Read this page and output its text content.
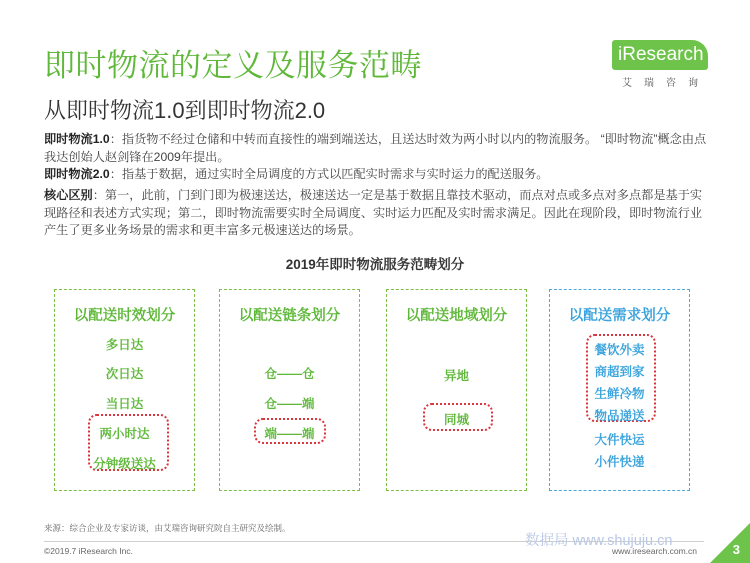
即时物流的定义及服务范畴
从即时物流1.0到即时物流2.0
iResearch
艾瑞咨询
即时物流1.0：指货物不经过仓储和中转而直接性的端到端送达，且送达时效为两小时以内的物流服务。 “即时物流”概念由点我达创始人赵剑锋在2009年提出。
即时物流2.0：指基于数据，通过实时全局调度的方式以匹配实时需求与实时运力的配送服务。
核心区别：第一，此前，门到门即为极速送达，极速送达一定是基于数据且靠技术驱动，而点对点或多点对多点都是基于实现路径和表述方式实现；第二，即时物流需要实时全局调度、实时运力匹配及实时需求满足。因此在现阶段，即时物流行业产生了更多业务场景的需求和更丰富多元极速送达的场景。
2019年即时物流服务范畴划分
以配送时效划分
多日达
次日达
当日达
两小时达
分钟级送达
以配送链条划分
仓——仓
仓——端
端——端
以配送地域划分
异地
同城
以配送需求划分
餐饮外卖
商超到家
生鲜冷物
物品递送
大件快运
小件快递
来源：综合企业及专家访谈，由艾瑞咨询研究院自主研究及绘制。
©2019.7 iResearch Inc.	www.iresearch.com.cn
数据局 www.shujuju.cn
3
